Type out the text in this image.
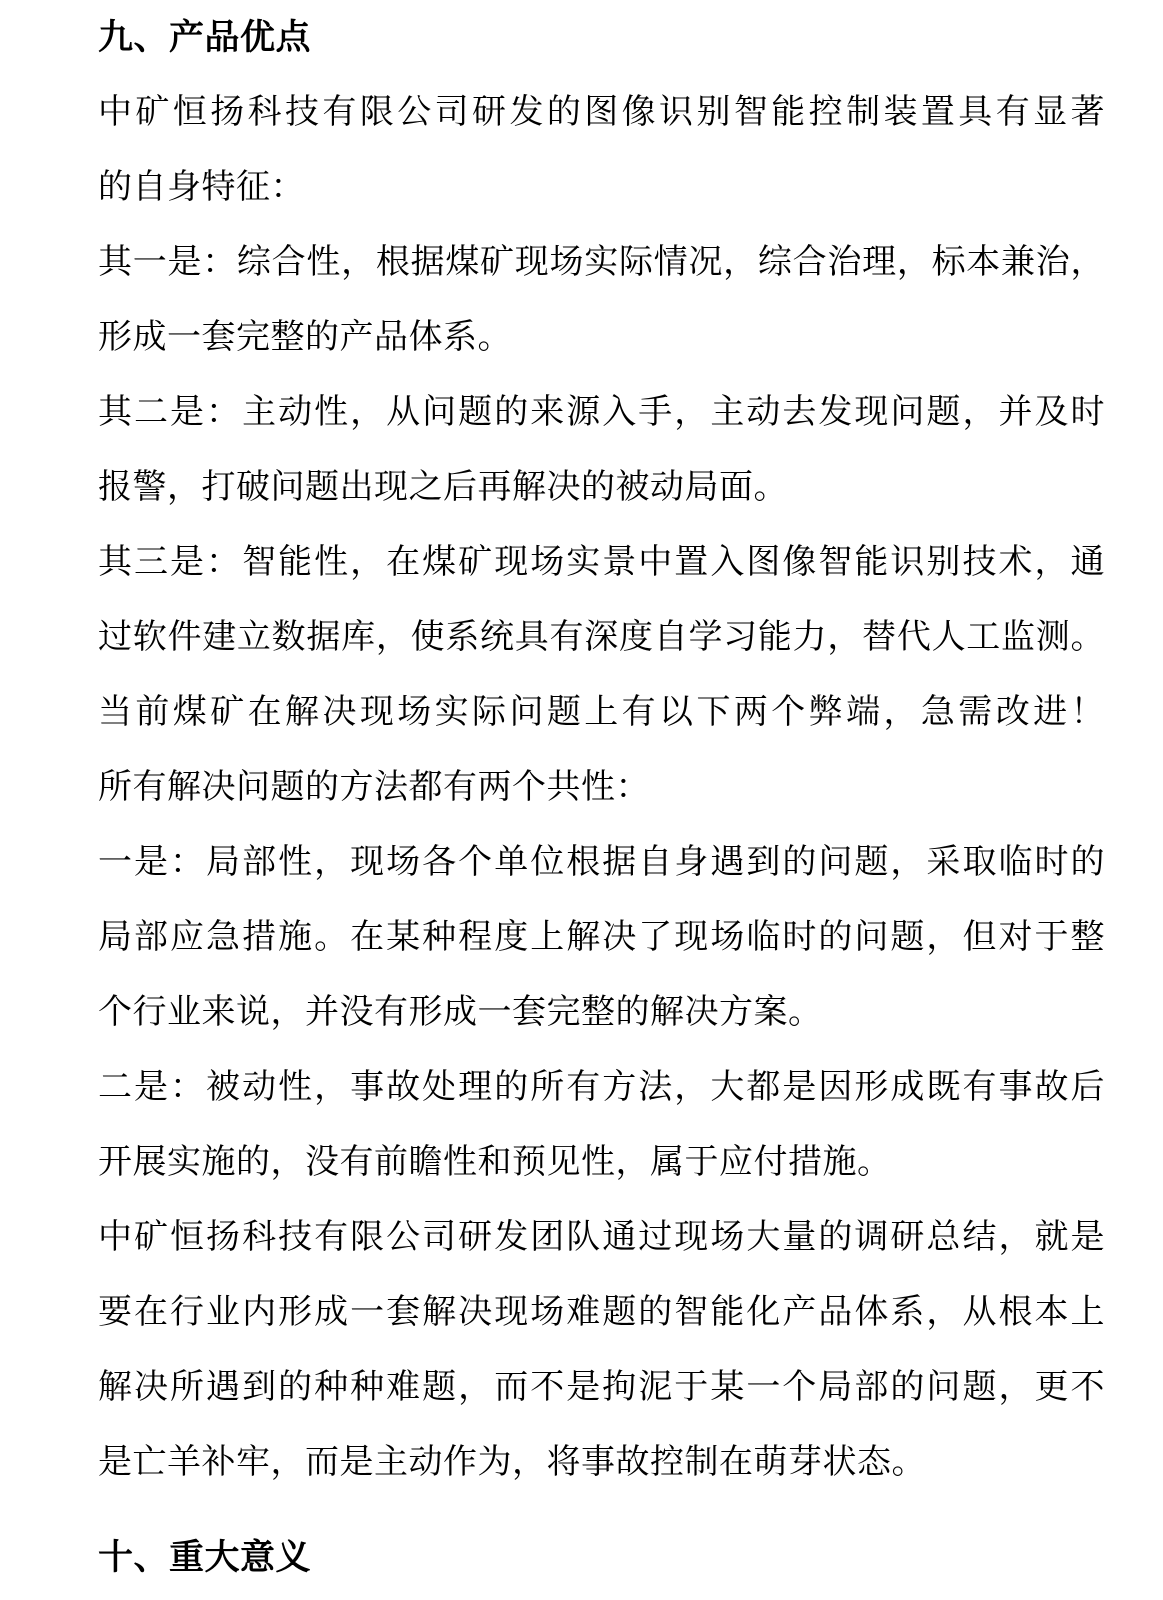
九、产品优点
中矿恒扬科技有限公司研发的图像识别智能控制装置具有显著
的自身特征：
其一是：综合性，根据煤矿现场实际情况，综合治理，标本兼治，
形成一套完整的产品体系。
其二是：主动性，从问题的来源入手，主动去发现问题，并及时
报警，打破问题出现之后再解决的被动局面。
其三是：智能性，在煤矿现场实景中置入图像智能识别技术，通
过软件建立数据库，使系统具有深度自学习能力，替代人工监测。
当前煤矿在解决现场实际问题上有以下两个弊端，急需改进！
所有解决问题的方法都有两个共性：
一是：局部性，现场各个单位根据自身遇到的问题，采取临时的
局部应急措施。在某种程度上解决了现场临时的问题，但对于整
个行业来说，并没有形成一套完整的解决方案。
二是：被动性，事故处理的所有方法，大都是因形成既有事故后
开展实施的，没有前瞻性和预见性，属于应付措施。
中矿恒扬科技有限公司研发团队通过现场大量的调研总结，就是
要在行业内形成一套解决现场难题的智能化产品体系，从根本上
解决所遇到的种种难题，而不是拘泥于某一个局部的问题，更不
是亡羊补牢，而是主动作为，将事故控制在萌芽状态。
十、重大意义
